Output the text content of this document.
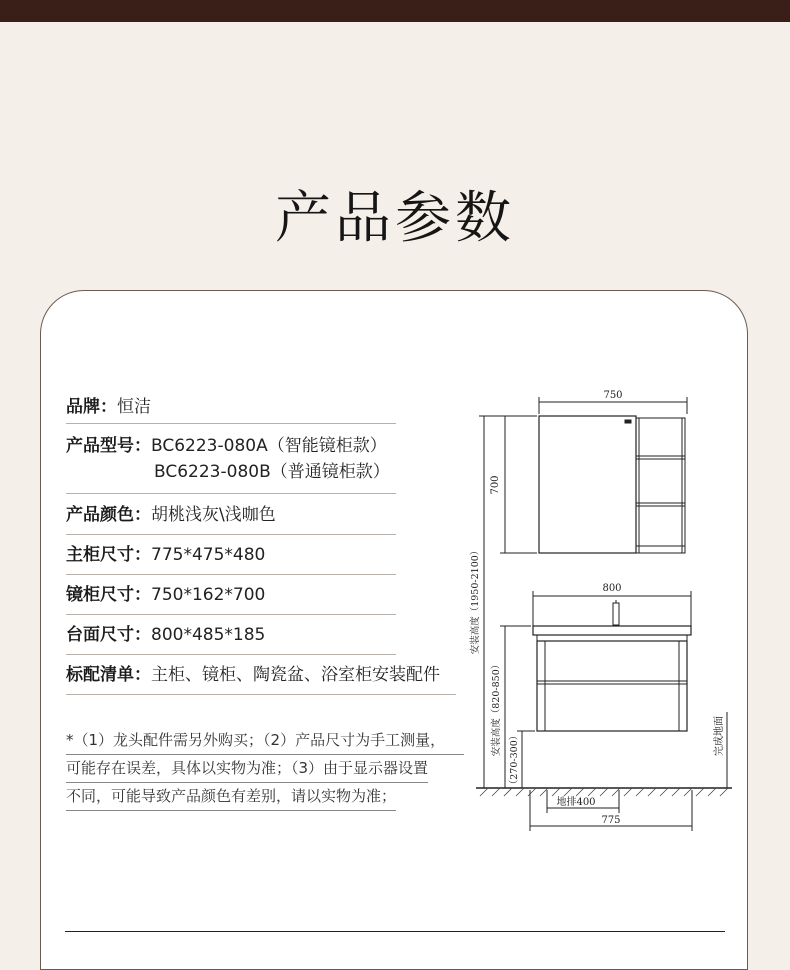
产品参数
品牌：恒洁
产品型号：BC6223-080A（智能镜柜款）
BC6223-080B（普通镜柜款）
产品颜色：胡桃浅灰\浅咖色
主柜尺寸：775*475*480
镜柜尺寸：750*162*700
台面尺寸：800*485*185
标配清单：主柜、镜柜、陶瓷盆、浴室柜安装配件
*（1）龙头配件需另外购买；（2）产品尺寸为手工测量，
可能存在误差，具体以实物为准；（3）由于显示器设置
不同，可能导致产品颜色有差别，请以实物为准；
750
700
安装高度（1950-2100）	800
安装高度（820-850）
（270-300）	完成地面
地排400
775
